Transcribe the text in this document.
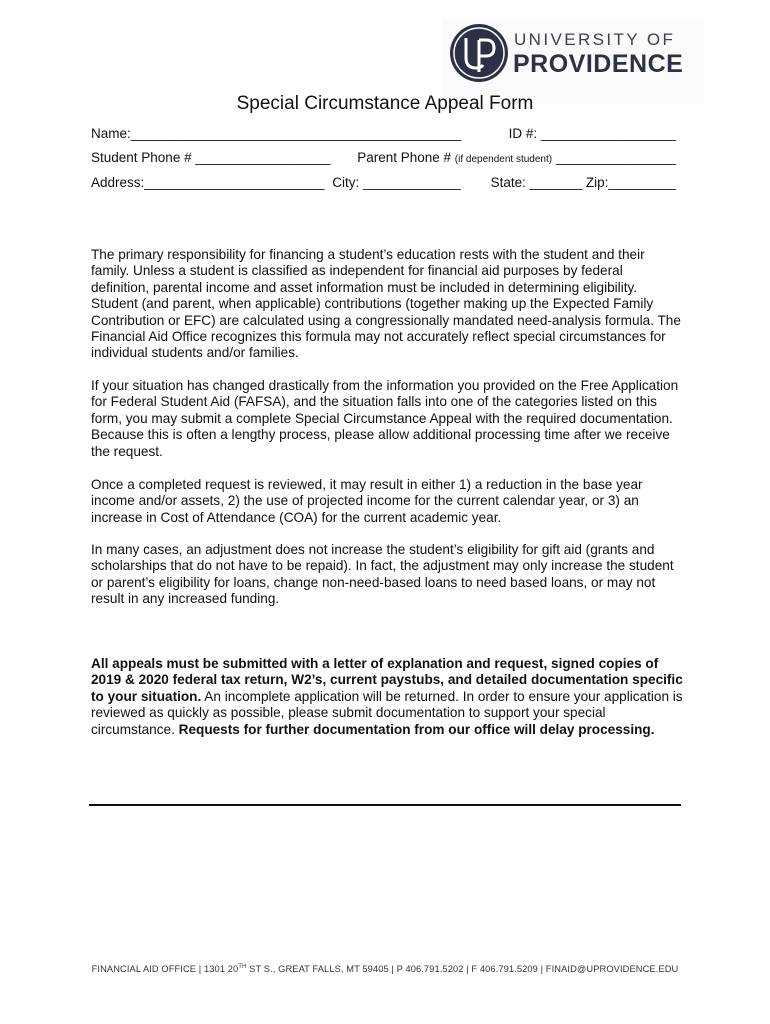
UNIVERSITY OF
PROVIDENCE
Special Circumstance Appeal Form
Name:____________________________________________	ID #: __________________
Student Phone # __________________ Parent Phone # (if dependent student) ________________
Address:________________________ City: _____________ State: _______ Zip:_________

The primary responsibility for financing a student’s education rests with the student and their family. Unless a student is classified as independent for financial aid purposes by federal definition, parental income and asset information must be included in determining eligibility. Student (and parent, when applicable) contributions (together making up the Expected Family Contribution or EFC) are calculated using a congressionally mandated need-analysis formula. The Financial Aid Office recognizes this formula may not accurately reflect special circumstances for individual students and/or families.

If your situation has changed drastically from the information you provided on the Free Application for Federal Student Aid (FAFSA), and the situation falls into one of the categories listed on this form, you may submit a complete Special Circumstance Appeal with the required documentation. Because this is often a lengthy process, please allow additional processing time after we receive the request.

Once a completed request is reviewed, it may result in either 1) a reduction in the base year income and/or assets, 2) the use of projected income for the current calendar year, or 3) an increase in Cost of Attendance (COA) for the current academic year.

In many cases, an adjustment does not increase the student’s eligibility for gift aid (grants and scholarships that do not have to be repaid). In fact, the adjustment may only increase the student or parent’s eligibility for loans, change non-need-based loans to need based loans, or may not result in any increased funding.

All appeals must be submitted with a letter of explanation and request, signed copies of 2019 & 2020 federal tax return, W2’s, current paystubs, and detailed documentation specific to your situation. An incomplete application will be returned. In order to ensure your application is reviewed as quickly as possible, please submit documentation to support your special circumstance. Requests for further documentation from our office will delay processing.

FINANCIAL AID OFFICE | 1301 20TH ST S., GREAT FALLS, MT 59405 | P 406.791.5202 | F 406.791.5209 | FINAID@UPROVIDENCE.EDU
